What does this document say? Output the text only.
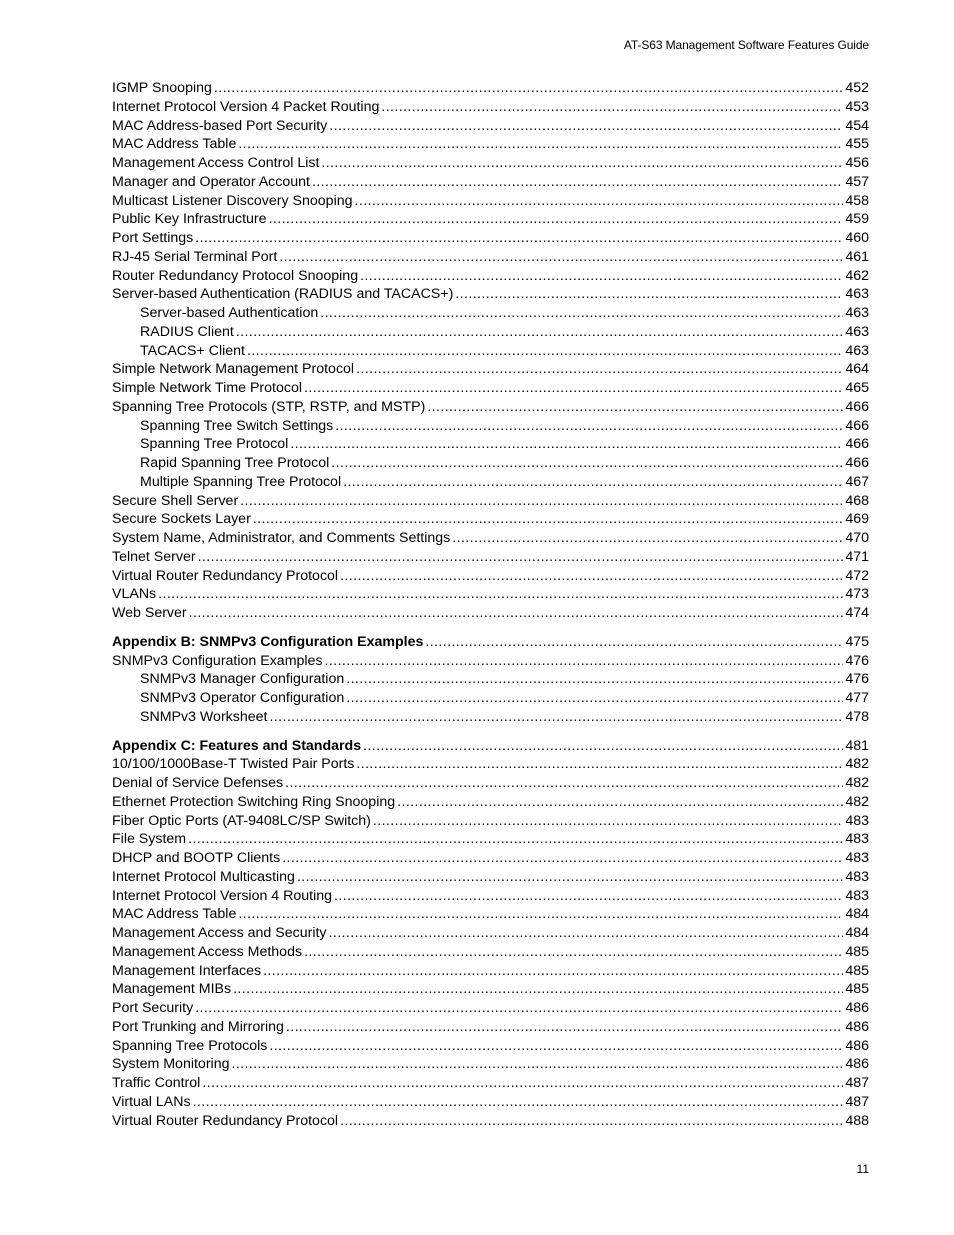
AT-S63 Management Software Features Guide
IGMP Snooping .....	452
Internet Protocol Version 4 Packet Routing .....	453
MAC Address-based Port Security .....	454
MAC Address Table .....	455
Management Access Control List .....	456
Manager and Operator Account .....	457
Multicast Listener Discovery Snooping .....	458
Public Key Infrastructure .....	459
Port Settings .....	460
RJ-45 Serial Terminal Port .....	461
Router Redundancy Protocol Snooping .....	462
Server-based Authentication (RADIUS and TACACS+) .....	463
Server-based Authentication .....	463
RADIUS Client .....	463
TACACS+ Client .....	463
Simple Network Management Protocol .....	464
Simple Network Time Protocol .....	465
Spanning Tree Protocols (STP, RSTP, and MSTP) .....	466
Spanning Tree Switch Settings .....	466
Spanning Tree Protocol .....	466
Rapid Spanning Tree Protocol .....	466
Multiple Spanning Tree Protocol .....	467
Secure Shell Server .....	468
Secure Sockets Layer .....	469
System Name, Administrator, and Comments Settings .....	470
Telnet Server .....	471
Virtual Router Redundancy Protocol .....	472
VLANs .....	473
Web Server .....	474
Appendix B: SNMPv3 Configuration Examples .....	475
SNMPv3 Configuration Examples .....	476
SNMPv3 Manager Configuration .....	476
SNMPv3 Operator Configuration .....	477
SNMPv3 Worksheet .....	478
Appendix C: Features and Standards .....	481
10/100/1000Base-T Twisted Pair Ports .....	482
Denial of Service Defenses .....	482
Ethernet Protection Switching Ring Snooping .....	482
Fiber Optic Ports (AT-9408LC/SP Switch) .....	483
File System .....	483
DHCP and BOOTP Clients .....	483
Internet Protocol Multicasting .....	483
Internet Protocol Version 4 Routing .....	483
MAC Address Table .....	484
Management Access and Security .....	484
Management Access Methods .....	485
Management Interfaces .....	485
Management MIBs .....	485
Port Security .....	486
Port Trunking and Mirroring .....	486
Spanning Tree Protocols .....	486
System Monitoring .....	486
Traffic Control .....	487
Virtual LANs .....	487
Virtual Router Redundancy Protocol .....	488
11
